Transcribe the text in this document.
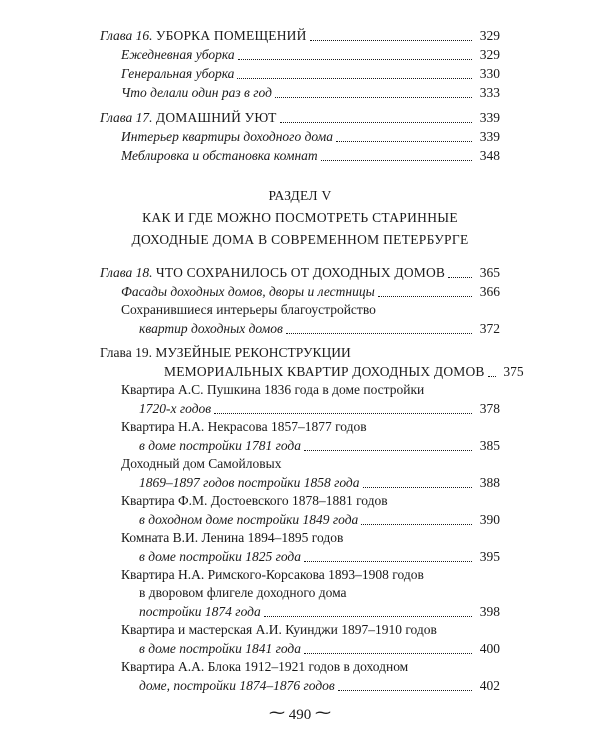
Глава 16. УБОРКА ПОМЕЩЕНИЙ	329
Ежедневная уборка	329
Генеральная уборка	330
Что делали один раз в год	333
Глава 17. ДОМАШНИЙ УЮТ	339
Интерьер квартиры доходного дома	339
Меблировка и обстановка комнат	348
РАЗДЕЛ V
КАК И ГДЕ МОЖНО ПОСМОТРЕТЬ СТАРИННЫЕ
ДОХОДНЫЕ ДОМА В СОВРЕМЕННОМ ПЕТЕРБУРГЕ
Глава 18. ЧТО СОХРАНИЛОСЬ ОТ ДОХОДНЫХ ДОМОВ	365
Фасады доходных домов, дворы и лестницы	366
Сохранившиеся интерьеры благоустройство
квартир доходных домов	372
Глава 19. МУЗЕЙНЫЕ РЕКОНСТРУКЦИИ
МЕМОРИАЛЬНЫХ КВАРТИР ДОХОДНЫХ ДОМОВ	375
Квартира А.С. Пушкина 1836 года в доме постройки
1720-х годов	378
Квартира Н.А. Некрасова 1857–1877 годов
в доме постройки 1781 года	385
Доходный дом Самойловых
1869–1897 годов постройки 1858 года	388
Квартира Ф.М. Достоевского 1878–1881 годов
в доходном доме постройки 1849 года	390
Комната В.И. Ленина 1894–1895 годов
в доме постройки 1825 года	395
Квартира Н.А. Римского-Корсакова 1893–1908 годов
в дворовом флигеле доходного дома
постройки 1874 года	398
Квартира и мастерская А.И. Куинджи 1897–1910 годов
в доме постройки 1841 года	400
Квартира А.А. Блока 1912–1921 годов в доходном
доме, постройки 1874–1876 годов	402
⁓ 490 ⁓
